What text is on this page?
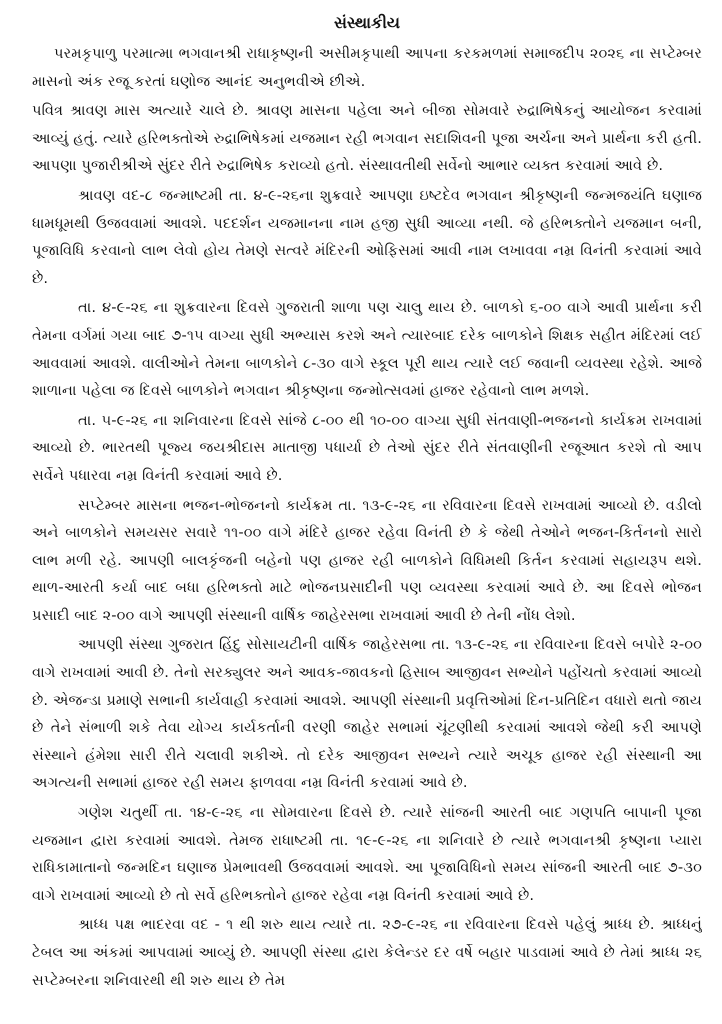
સંસ્થાકીય

પરમકૃપાળુ પરમાત્મા ભગવાનશ્રી રાધાકૃષ્ણની અસીમકૃપાથી આપના કરકમળમાં સમાજદીપ ૨૦૨૬ ના સપ્ટેમ્બર માસનો અંક રજૂ કરતાં ઘણોજ આનંદ અનુભવીએ છીએ.

પવિત્ર શ્રાવણ માસ અત્યારે ચાલે છે. શ્રાવણ માસના પહેલા અને બીજા સોમવારે રુદ્રાભિષેકનું આયોજન કરવામાં આવ્યું હતું. ત્યારે હરિભક્તોએ રુદ્રાભિષેકમાં યજમાન રહી ભગવાન સદાશિવની પૂજા અર્ચના અને પ્રાર્થના કરી હતી. આપણા પુજારીશ્રીએ સુંદર રીતે રુદ્રાભિષેક કરાવ્યો હતો. સંસ્થાવતીથી સર્વેનો આભાર વ્યક્ત કરવામાં આવે છે.

શ્રાવણ વદ-૮ જન્માષ્ટમી તા. ૪-૯-૨૬ના શુક્રવારે આપણા ઇષ્ટદેવ ભગવાન શ્રીકૃષ્ણની જન્મજયંતિ ઘણાજ ધામધૂમથી ઉજવવામાં આવશે. પદદર્શન યજમાનના નામ હજી સુધી આવ્યા નથી. જે હરિભક્તોને યજમાન બની, પૂજાવિધિ કરવાનો લાભ લેવો હોય તેમણે સત્વરે મંદિરની ઓફિસમાં આવી નામ લખાવવા નમ્ર વિનંતી કરવામાં આવે છે.

તા. ૪-૯-૨૬ ના શુક્રવારના દિવસે ગુજરાતી શાળા પણ ચાલુ થાય છે. બાળકો ૬-૦૦ વાગે આવી પ્રાર્થના કરી તેમના વર્ગમાં ગયા બાદ ૭-૧૫ વાગ્યા સુધી અભ્યાસ કરશે અને ત્યારબાદ દરેક બાળકોને શિક્ષક સહીત મંદિરમાં લઈ આવવામાં આવશે. વાલીઓને તેમના બાળકોને ૮-૩૦ વાગે સ્કૂલ પૂરી થાય ત્યારે લઈ જવાની વ્યવસ્થા રહેશે. આજે શાળાના પહેલા જ દિવસે બાળકોને ભગવાન શ્રીકૃષ્ણના જન્મોત્સવમાં હાજર રહેવાનો લાભ મળશે.

તા. ૫-૯-૨૬ ના શનિવારના દિવસે સાંજે ૮-૦૦ થી ૧૦-૦૦ વાગ્યા સુધી સંતવાણી-ભજનનો કાર્યક્રમ રાખવામાં આવ્યો છે. ભારતથી પૂજ્ય જયશ્રીદાસ માતાજી પધાર્યા છે તેઓ સુંદર રીતે સંતવાણીની રજૂઆત કરશે તો આપ સર્વેને પધારવા નમ્ર વિનંતી કરવામાં આવે છે.

સપ્ટેમ્બર માસના ભજન-ભોજનનો કાર્યક્રમ તા. ૧૩-૯-૨૬ ના રવિવારના દિવસે રાખવામાં આવ્યો છે. વડીલો અને બાળકોને સમયસર સવારે ૧૧-૦૦ વાગે મંદિરે હાજર રહેવા વિનંતી છે કે જેથી તેઓને ભજન-કિર્તનનો સારો લાભ મળી રહે. આપણી બાલકૃંજની બહેનો પણ હાજર રહી બાળકોને વિધિમથી કિર્તન કરવામાં સહાયરૂપ થશે. થાળ-આરતી કર્યા બાદ બધા હરિભક્તો માટે ભોજનપ્રસાદીની પણ વ્યવસ્થા કરવામાં આવે છે. આ દિવસે ભોજન પ્રસાદી બાદ ૨-૦૦ વાગે આપણી સંસ્થાની વાર્ષિક જાહેરસભા રાખવામાં આવી છે તેની નોંધ લેશો.

આપણી સંસ્થા ગુજરાત હિંદુ સોસાયટીની વાર્ષિક જાહેરસભા તા. ૧૩-૯-૨૬ ના રવિવારના દિવસે બપોરે ૨-૦૦ વાગે રાખવામાં આવી છે. તેનો સરક્યુલર અને આવક-જાવકનો હિસાબ આજીવન સભ્યોને પહોંચતો કરવામાં આવ્યો છે. એજન્ડા પ્રમાણે સભાની કાર્યવાહી કરવામાં આવશે. આપણી સંસ્થાની પ્રવૃત્તિઓમાં દિન-પ્રતિદિન વધારો થતો જાય છે તેને સંભાળી શકે તેવા યોગ્ય કાર્યકર્તાની વરણી જાહેર સભામાં ચૂંટણીથી કરવામાં આવશે જેથી કરી આપણે સંસ્થાને હંમેશા સારી રીતે ચલાવી શકીએ. તો દરેક આજીવન સભ્યને ત્યારે અચૂક હાજર રહી સંસ્થાની આ અગત્યની સભામાં હાજર રહી સમય ફાળવવા નમ્ર વિનંતી કરવામાં આવે છે.

ગણેશ ચતુર્થી તા. ૧૪-૯-૨૬ ના સોમવારના દિવસે છે. ત્યારે સાંજની આરતી બાદ ગણપતિ બાપાની પૂજા યજમાન દ્વારા કરવામાં આવશે. તેમજ રાધાષ્ટમી તા. ૧૯-૯-૨૬ ના શનિવારે છે ત્યારે ભગવાનશ્રી કૃષ્ણના પ્યારા રાધિકામાતાનો જન્મદિન ઘણાજ પ્રેમભાવથી ઉજવવામાં આવશે. આ પૂજાવિધિનો સમય સાંજની આરતી બાદ ૭-૩૦ વાગે રાખવામાં આવ્યો છે તો સર્વે હરિભક્તોને હાજર રહેવા નમ્ર વિનંતી કરવામાં આવે છે.

શ્રાધ્ધ પક્ષ ભાદરવા વદ - ૧ થી શરુ થાય ત્યારે તા. ૨૭-૯-૨૬ ના રવિવારના દિવસે પહેલું શ્રાધ્ધ છે. શ્રાધ્ધનું ટેબલ આ અંકમાં આપવામાં આવ્યું છે. આપણી સંસ્થા દ્વારા કેલેન્ડર દર વર્ષે બહાર પાડવામાં આવે છે તેમાં શ્રાધ્ધ ૨૬ સપ્ટેમ્બરના શનિવારથી થી શરુ થાય છે તેમ
